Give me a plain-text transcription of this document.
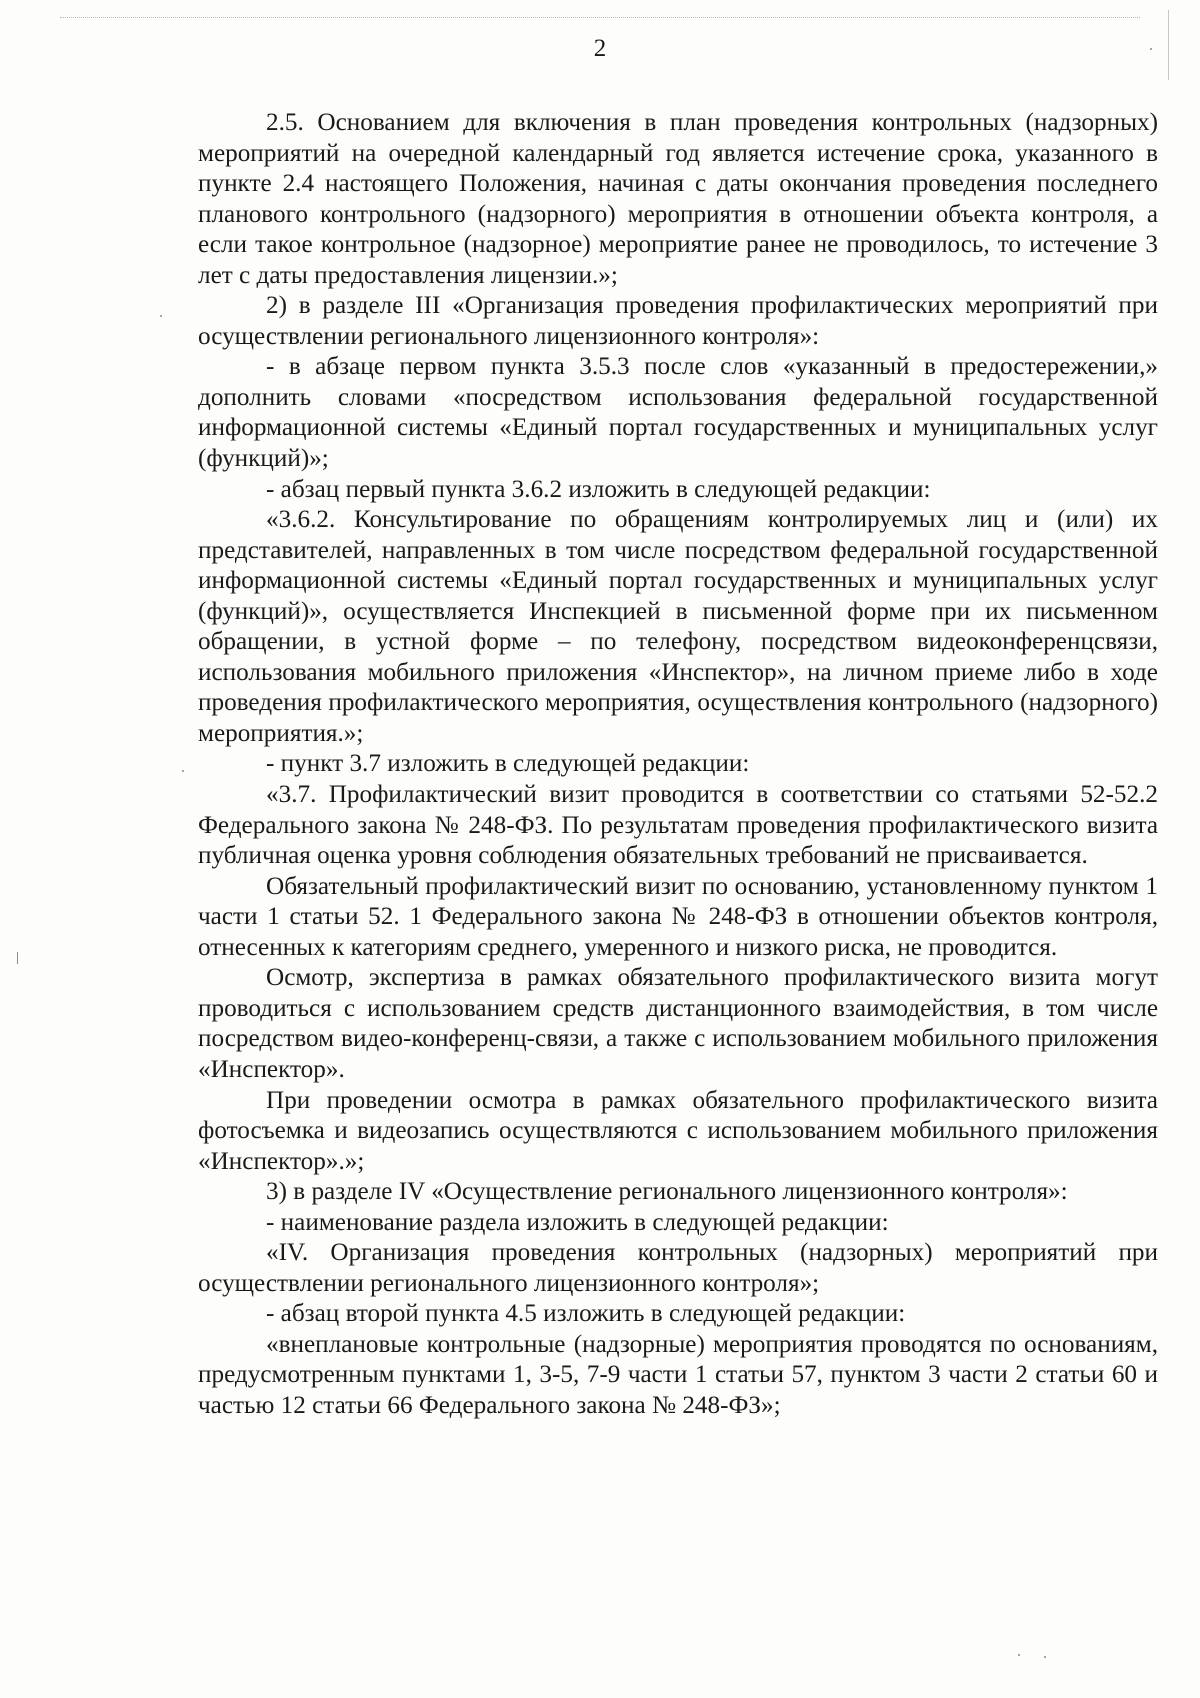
2

2.5. Основанием для включения в план проведения контрольных (надзорных) мероприятий на очередной календарный год является истечение срока, указанного в пункте 2.4 настоящего Положения, начиная с даты окончания проведения последнего планового контрольного (надзорного) мероприятия в отношении объекта контроля, а если такое контрольное (надзорное) мероприятие ранее не проводилось, то истечение 3 лет с даты предоставления лицензии.»;

2) в разделе III «Организация проведения профилактических мероприятий при осуществлении регионального лицензионного контроля»:

- в абзаце первом пункта 3.5.3 после слов «указанный в предостережении,» дополнить словами «посредством использования федеральной государственной информационной системы «Единый портал государственных и муниципальных услуг (функций)»;

- абзац первый пункта 3.6.2 изложить в следующей редакции:

«3.6.2. Консультирование по обращениям контролируемых лиц и (или) их представителей, направленных в том числе посредством федеральной государственной информационной системы «Единый портал государственных и муниципальных услуг (функций)», осуществляется Инспекцией в письменной форме при их письменном обращении, в устной форме – по телефону, посредством видеоконференцсвязи, использования мобильного приложения «Инспектор», на личном приеме либо в ходе проведения профилактического мероприятия, осуществления контрольного (надзорного) мероприятия.»;

- пункт 3.7 изложить в следующей редакции:

«3.7. Профилактический визит проводится в соответствии со статьями 52-52.2 Федерального закона № 248-ФЗ. По результатам проведения профилактического визита публичная оценка уровня соблюдения обязательных требований не присваивается.

Обязательный профилактический визит по основанию, установленному пунктом 1 части 1 статьи 52. 1 Федерального закона № 248-ФЗ в отношении объектов контроля, отнесенных к категориям среднего, умеренного и низкого риска, не проводится.

Осмотр, экспертиза в рамках обязательного профилактического визита могут проводиться с использованием средств дистанционного взаимодействия, в том числе посредством видео-конференц-связи, а также с использованием мобильного приложения «Инспектор».

При проведении осмотра в рамках обязательного профилактического визита фотосъемка и видеозапись осуществляются с использованием мобильного приложения «Инспектор».»;

3) в разделе IV «Осуществление регионального лицензионного контроля»:

- наименование раздела изложить в следующей редакции:

«IV. Организация проведения контрольных (надзорных) мероприятий при осуществлении регионального лицензионного контроля»;

- абзац второй пункта 4.5 изложить в следующей редакции:

«внеплановые контрольные (надзорные) мероприятия проводятся по основаниям, предусмотренным пунктами 1, 3-5, 7-9 части 1 статьи 57, пунктом 3 части 2 статьи 60 и частью 12 статьи 66 Федерального закона № 248-ФЗ»;
